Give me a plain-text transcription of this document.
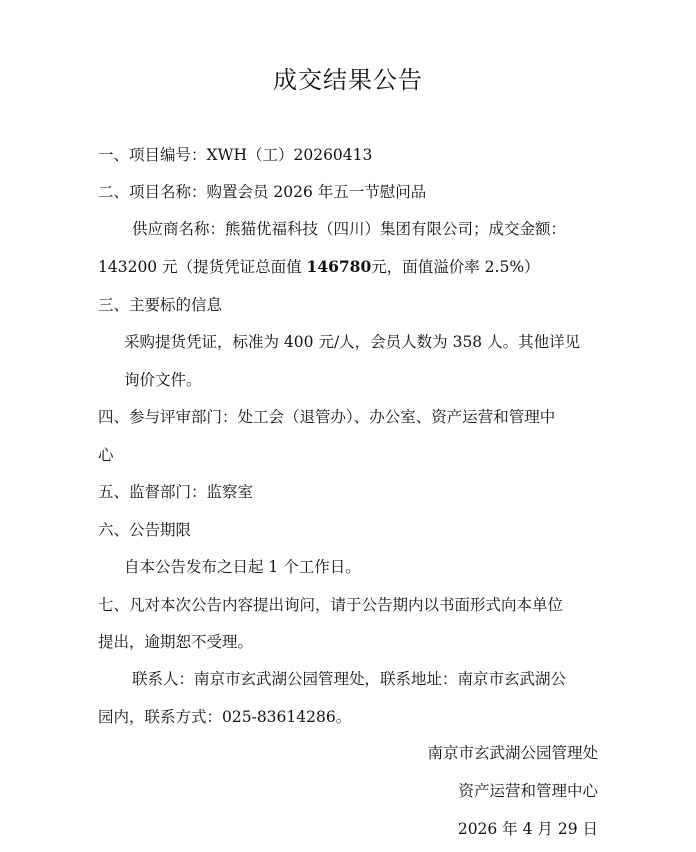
成交结果公告
一、项目编号：XWH（工）20260413
二、项目名称：购置会员 2026 年五一节慰问品
供应商名称：熊猫优福科技（四川）集团有限公司；成交金额：
143200 元（提货凭证总面值 146780元，面值溢价率 2.5%）
三、主要标的信息
采购提货凭证，标准为 400 元/人，会员人数为 358 人。其他详见
询价文件。
四、参与评审部门：处工会（退管办）、办公室、资产运营和管理中
心
五、监督部门：监察室
六、公告期限
自本公告发布之日起 1 个工作日。
七、凡对本次公告内容提出询问，请于公告期内以书面形式向本单位
提出，逾期恕不受理。
联系人：南京市玄武湖公园管理处，联系地址：南京市玄武湖公
园内，联系方式：025-83614286。
南京市玄武湖公园管理处
资产运营和管理中心
2026 年 4 月 29 日
